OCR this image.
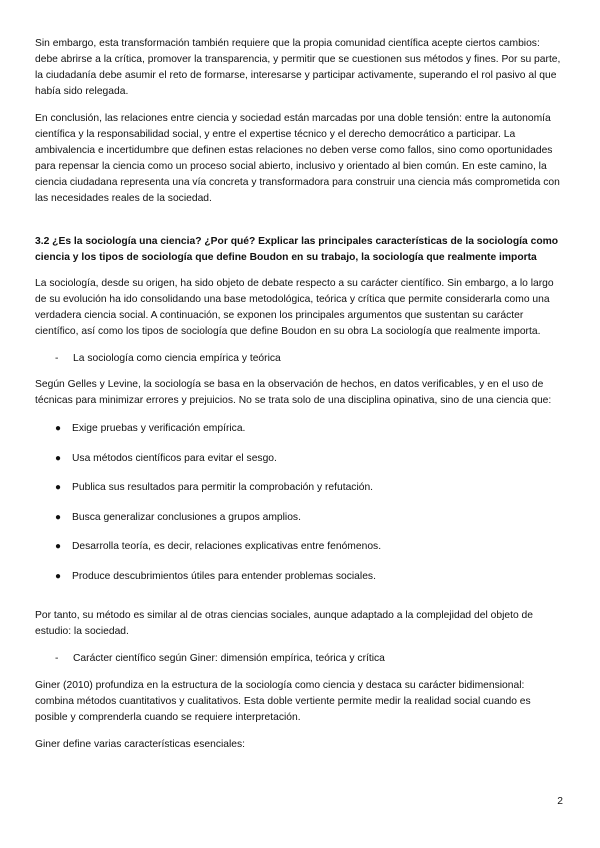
Sin embargo, esta transformación también requiere que la propia comunidad científica acepte ciertos cambios: debe abrirse a la crítica, promover la transparencia, y permitir que se cuestionen sus métodos y fines. Por su parte, la ciudadanía debe asumir el reto de formarse, interesarse y participar activamente, superando el rol pasivo al que había sido relegada.

En conclusión, las relaciones entre ciencia y sociedad están marcadas por una doble tensión: entre la autonomía científica y la responsabilidad social, y entre el expertise técnico y el derecho democrático a participar. La ambivalencia e incertidumbre que definen estas relaciones no deben verse como fallos, sino como oportunidades para repensar la ciencia como un proceso social abierto, inclusivo y orientado al bien común. En este camino, la ciencia ciudadana representa una vía concreta y transformadora para construir una ciencia más comprometida con las necesidades reales de la sociedad.

3.2 ¿Es la sociología una ciencia? ¿Por qué? Explicar las principales características de la sociología como ciencia y los tipos de sociología que define Boudon en su trabajo, la sociología que realmente importa

La sociología, desde su origen, ha sido objeto de debate respecto a su carácter científico. Sin embargo, a lo largo de su evolución ha ido consolidando una base metodológica, teórica y crítica que permite considerarla como una verdadera ciencia social. A continuación, se exponen los principales argumentos que sustentan su carácter científico, así como los tipos de sociología que define Boudon en su obra La sociología que realmente importa.

- La sociología como ciencia empírica y teórica

Según Gelles y Levine, la sociología se basa en la observación de hechos, en datos verificables, y en el uso de técnicas para minimizar errores y prejuicios. No se trata solo de una disciplina opinativa, sino de una ciencia que:

● Exige pruebas y verificación empírica.
● Usa métodos científicos para evitar el sesgo.
● Publica sus resultados para permitir la comprobación y refutación.
● Busca generalizar conclusiones a grupos amplios.
● Desarrolla teoría, es decir, relaciones explicativas entre fenómenos.
● Produce descubrimientos útiles para entender problemas sociales.

Por tanto, su método es similar al de otras ciencias sociales, aunque adaptado a la complejidad del objeto de estudio: la sociedad.

- Carácter científico según Giner: dimensión empírica, teórica y crítica

Giner (2010) profundiza en la estructura de la sociología como ciencia y destaca su carácter bidimensional: combina métodos cuantitativos y cualitativos. Esta doble vertiente permite medir la realidad social cuando es posible y comprenderla cuando se requiere interpretación.

Giner define varias características esenciales:

2
